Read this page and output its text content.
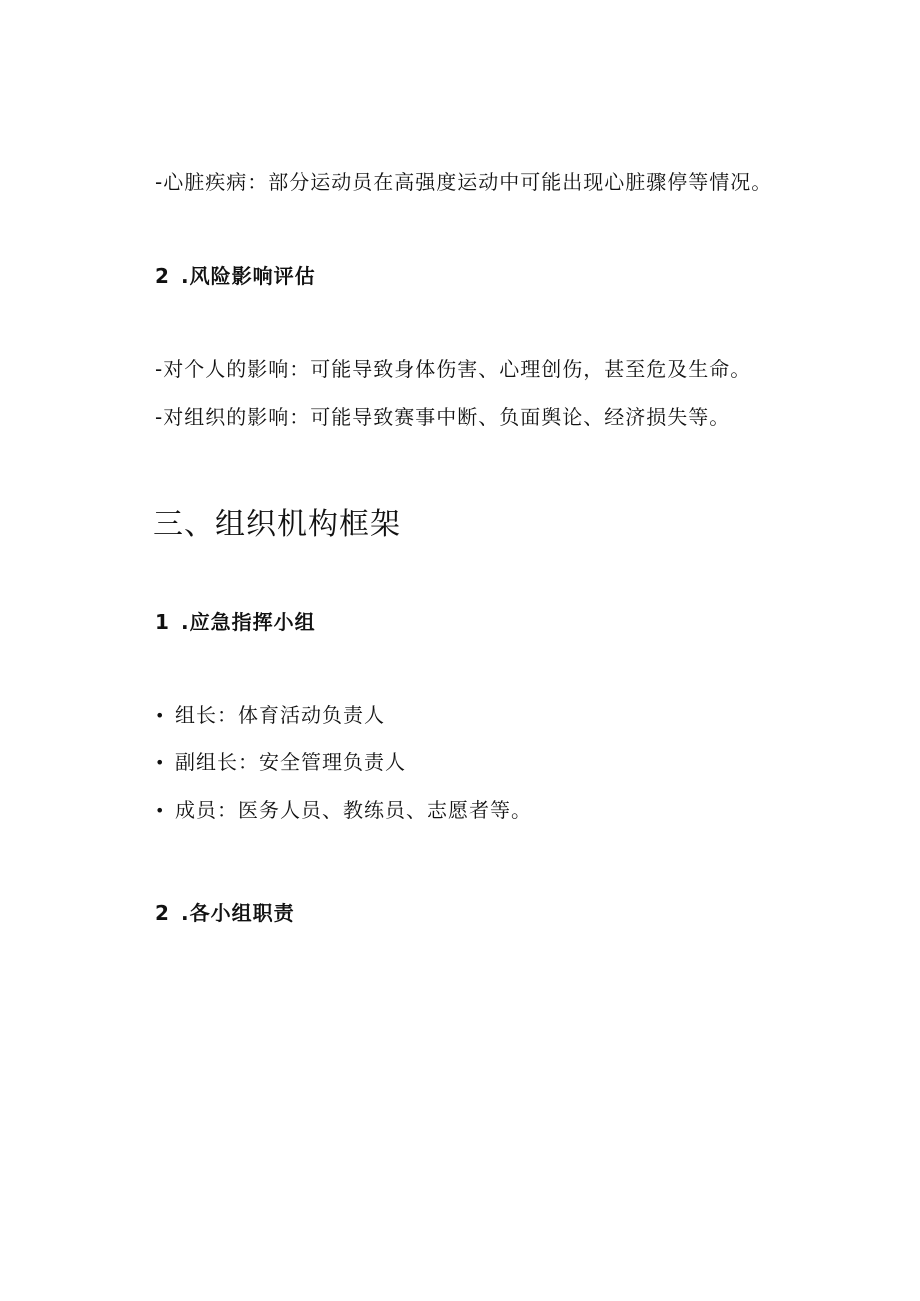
-心脏疾病：部分运动员在高强度运动中可能出现心脏骤停等情况。
2 .风险影响评估
-对个人的影响：可能导致身体伤害、心理创伤，甚至危及生命。
-对组织的影响：可能导致赛事中断、负面舆论、经济损失等。
三、组织机构框架
1 .应急指挥小组
• 组长：体育活动负责人
• 副组长：安全管理负责人
• 成员：医务人员、教练员、志愿者等。
2 .各小组职责
